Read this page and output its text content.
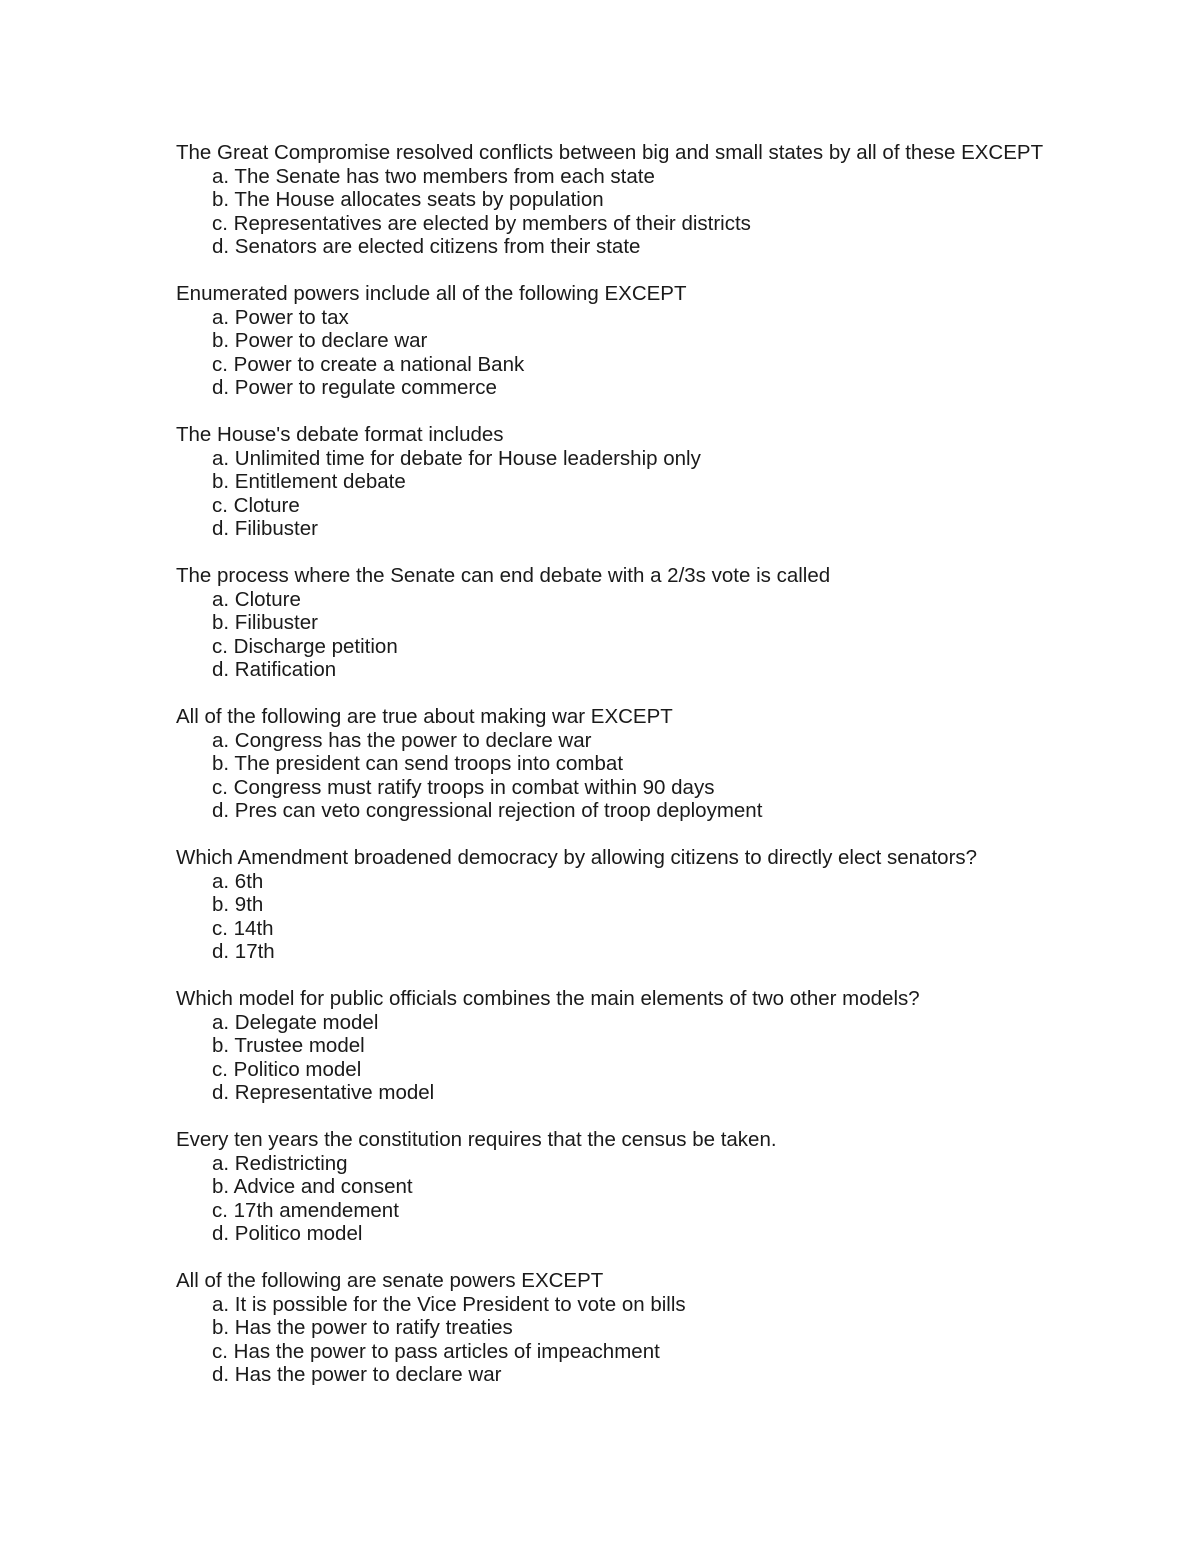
The Great Compromise resolved conflicts between big and small states by all of these EXCEPT

a. The Senate has two members from each state
b. The House allocates seats by population
c. Representatives are elected by members of their districts
d. Senators are elected citizens from their state

Enumerated powers include all of the following EXCEPT

a. Power to tax
b. Power to declare war
c. Power to create a national Bank
d. Power to regulate commerce

The House's debate format includes

a. Unlimited time for debate for House leadership only
b. Entitlement debate
c. Cloture
d. Filibuster

The process where the Senate can end debate with a 2/3s vote is called

a. Cloture
b. Filibuster
c. Discharge petition
d. Ratification

All of the following are true about making war EXCEPT

a. Congress has the power to declare war
b. The president can send troops into combat
c. Congress must ratify troops in combat within 90 days
d. Pres can veto congressional rejection of troop deployment

Which Amendment broadened democracy by allowing citizens to directly elect senators?

a. 6th
b. 9th
c. 14th
d. 17th

Which model for public officials combines the main elements of two other models?

a. Delegate model
b. Trustee model
c. Politico model
d. Representative model

Every ten years the constitution requires that the census be taken.

a. Redistricting
b. Advice and consent
c. 17th amendement
d. Politico model

All of the following are senate powers EXCEPT

a. It is possible for the Vice President to vote on bills
b. Has the power to ratify treaties
c. Has the power to pass articles of impeachment
d. Has the power to declare war
